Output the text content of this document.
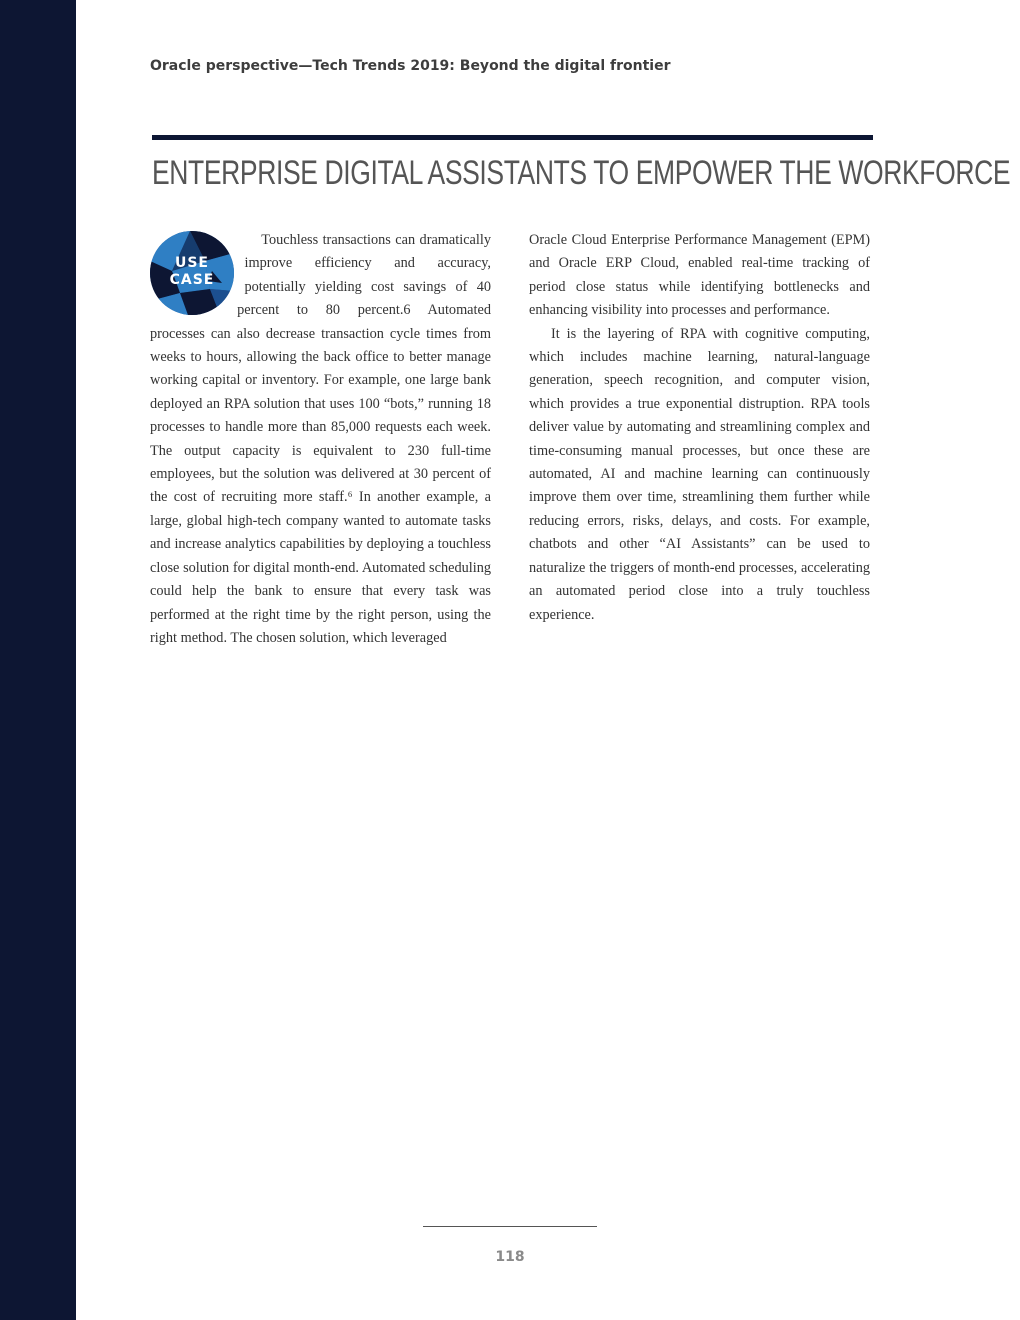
Oracle perspective—Tech Trends 2019: Beyond the digital frontier
ENTERPRISE DIGITAL ASSISTANTS TO EMPOWER THE WORKFORCE
USE
CASE

Touchless transactions can dramatically improve efficiency and accuracy, potentially yielding cost savings of 40 percent to 80 percent.6 Automated processes can also decrease transaction cycle times from weeks to hours, allowing the back office to better manage working capital or inventory. For example, one large bank deployed an RPA solution that uses 100 “bots,” running 18 processes to handle more than 85,000 requests each week. The output capacity is equivalent to 230 full-time employees, but the solution was delivered at 30 percent of the cost of recruiting more staff.⁶ In another example, a large, global high-tech company wanted to automate tasks and increase analytics capabilities by deploying a touchless close solution for digital month-end. Automated scheduling could help the bank to ensure that every task was performed at the right time by the right person, using the right method. The chosen solution, which leveraged

Oracle Cloud Enterprise Performance Management (EPM) and Oracle ERP Cloud, enabled real-time tracking of period close status while identifying bottlenecks and enhancing visibility into processes and performance.

It is the layering of RPA with cognitive computing, which includes machine learning, natural-language generation, speech recognition, and computer vision, which provides a true exponential distruption. RPA tools deliver value by automating and streamlining complex and time-consuming manual processes, but once these are automated, AI and machine learning can continuously improve them over time, streamlining them further while reducing errors, risks, delays, and costs. For example, chatbots and other “AI Assistants” can be used to naturalize the triggers of month-end processes, accelerating an automated period close into a truly touchless experience.

118
